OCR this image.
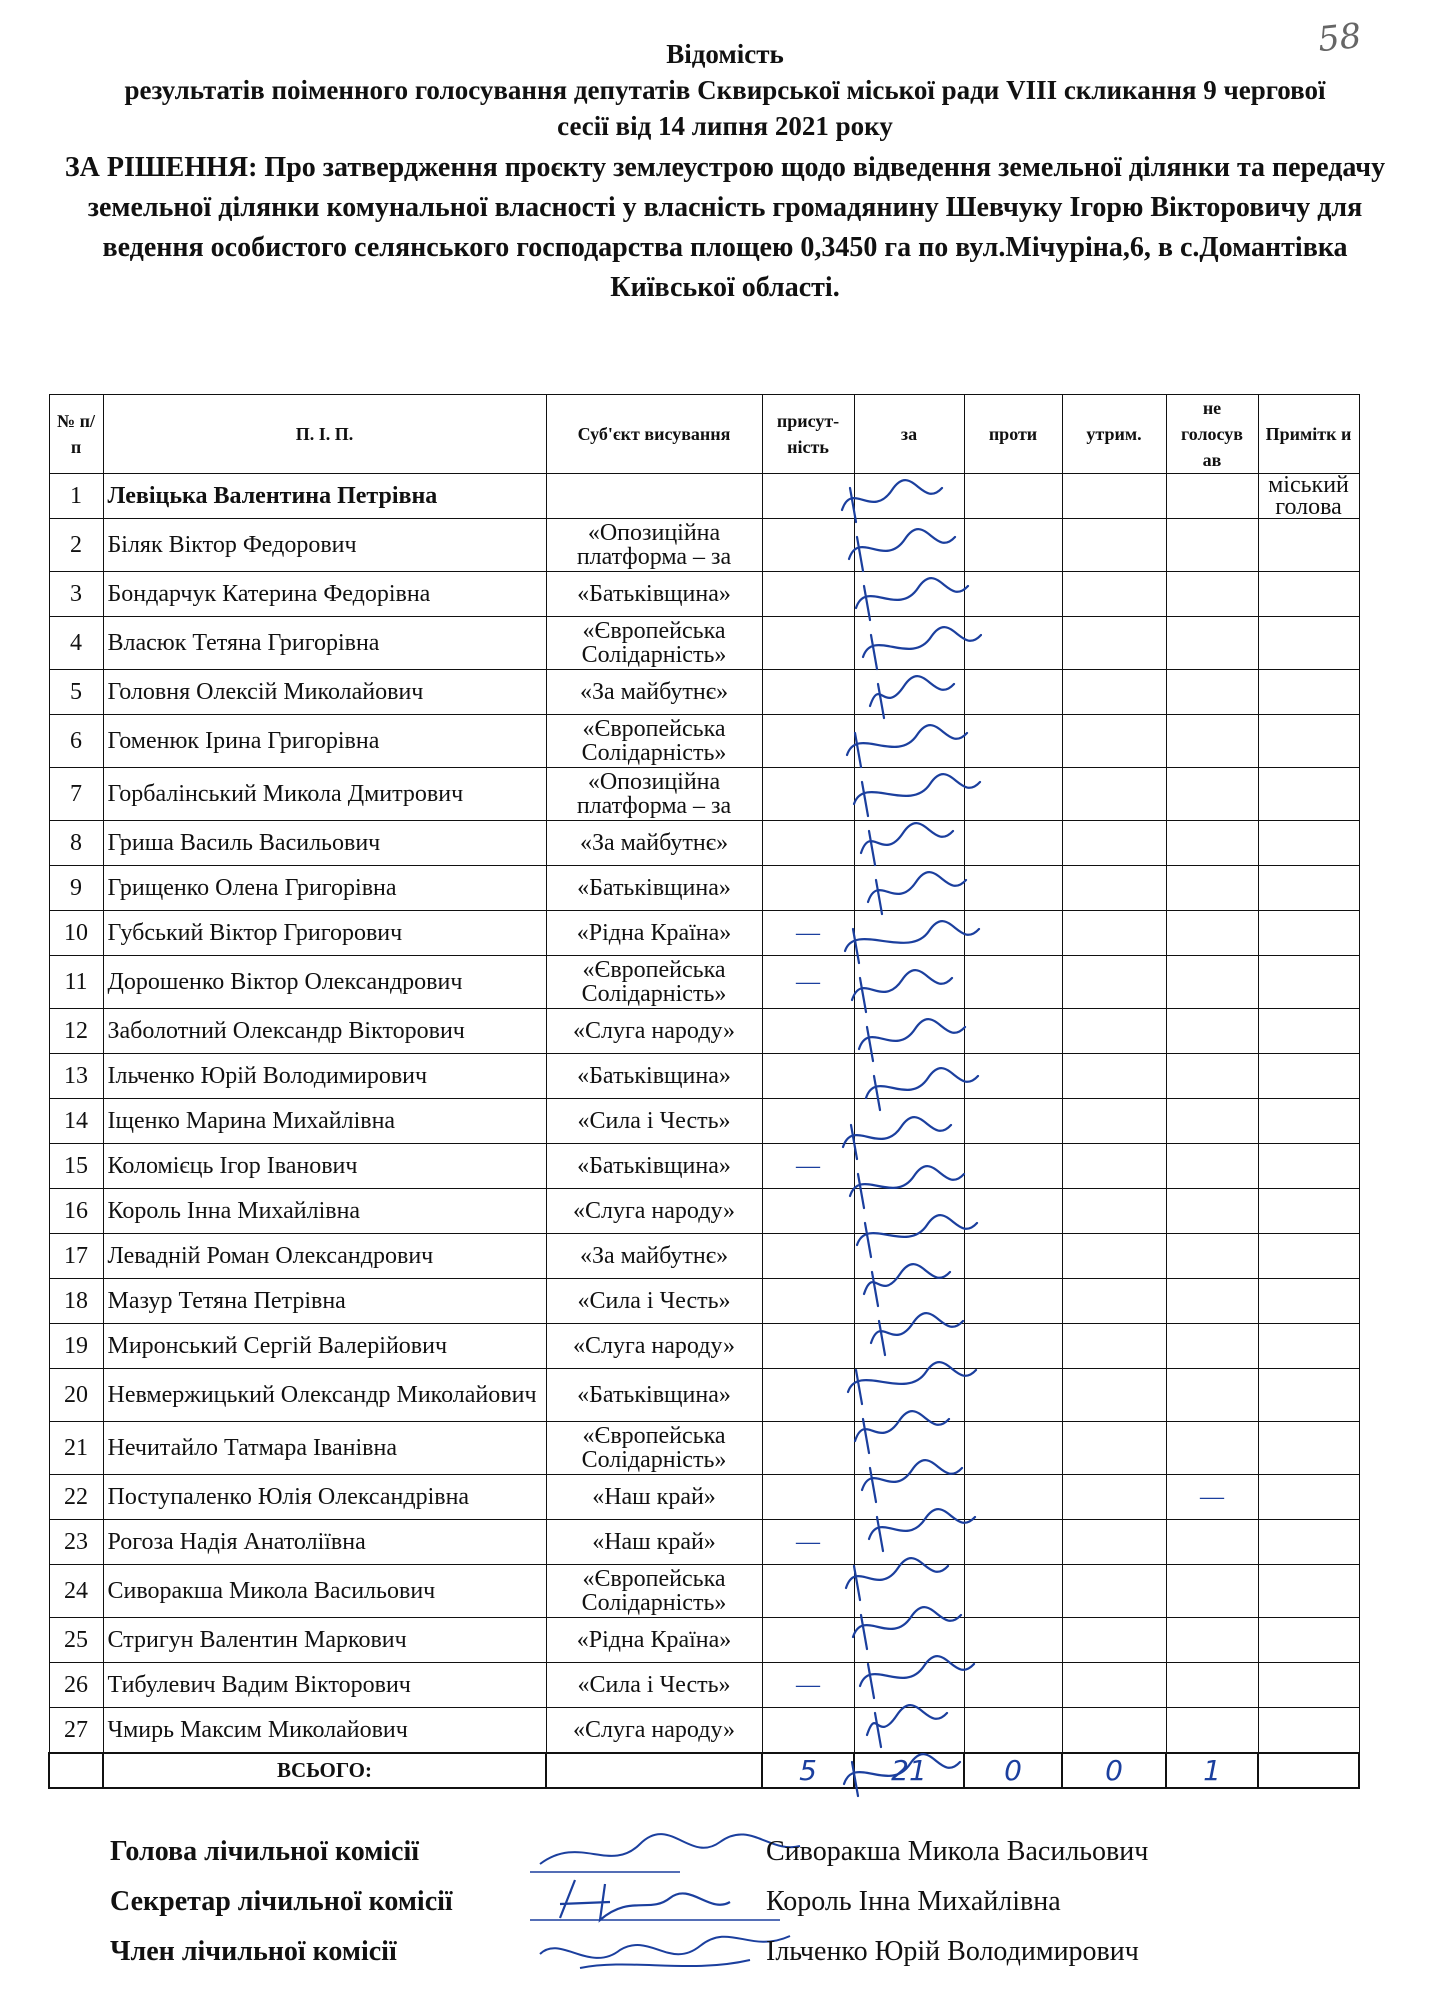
58
Відомість
результатів поіменного голосування депутатів Сквирської міської ради VIII скликання 9 чергової сесії від 14 липня 2021 року
ЗА РІШЕННЯ: Про затвердження проєкту землеустрою щодо відведення земельної ділянки та передачу земельної ділянки комунальної власності у власність громадянину Шевчуку Ігорю Вікторовичу для ведення особистого селянського господарства площею 0,3450 га по вул.Мічуріна,6, в с.Домантівка Київської області.
№ п/п	П. І. П.	Суб'єкт висування	присут-ність	за	проти	утрим.	не голосув ав	Примітк и
1	Левіцька Валентина Петрівна							міський голова
2	Біляк Віктор Федорович	«Опозиційна платформа – за						
3	Бондарчук Катерина Федорівна	«Батьківщина»						
4	Власюк Тетяна Григорівна	«Європейська Солідарність»						
5	Головня Олексій Миколайович	«За майбутнє»						
6	Гоменюк Ірина Григорівна	«Європейська Солідарність»						
7	Горбалінський Микола Дмитрович	«Опозиційна платформа – за						
8	Гриша Василь Васильович	«За майбутнє»						
9	Грищенко Олена Григорівна	«Батьківщина»						
10	Губський Віктор Григорович	«Рідна Країна»	—					
11	Дорошенко Віктор Олександрович	«Європейська Солідарність»	—					
12	Заболотний Олександр Вікторович	«Слуга народу»						
13	Ільченко Юрій Володимирович	«Батьківщина»						
14	Іщенко Марина Михайлівна	«Сила і Честь»						
15	Коломієць Ігор Іванович	«Батьківщина»	—					
16	Король Інна Михайлівна	«Слуга народу»						
17	Левадній Роман Олександрович	«За майбутнє»						
18	Мазур Тетяна Петрівна	«Сила і Честь»						
19	Миронський Сергій Валерійович	«Слуга народу»						
20	Невмержицький Олександр Миколайович	«Батьківщина»						
21	Нечитайло Татмара Іванівна	«Європейська Солідарність»						
22	Поступаленко Юлія Олександрівна	«Наш край»					—	
23	Рогоза Надія Анатоліївна	«Наш край»	—					
24	Сиворакша Микола Васильович	«Європейська Солідарність»						
25	Стригун Валентин Маркович	«Рідна Країна»						
26	Тибулевич Вадим Вікторович	«Сила і Честь»	—					
27	Чмирь Максим Миколайович	«Слуга народу»						
	ВСЬОГО:		5	21	0	0	1	
Голова лічильної комісії	Сиворакша Микола Васильович
Секретар лічильної комісії	Король Інна Михайлівна
Член лічильної комісії	Ільченко Юрій Володимирович
